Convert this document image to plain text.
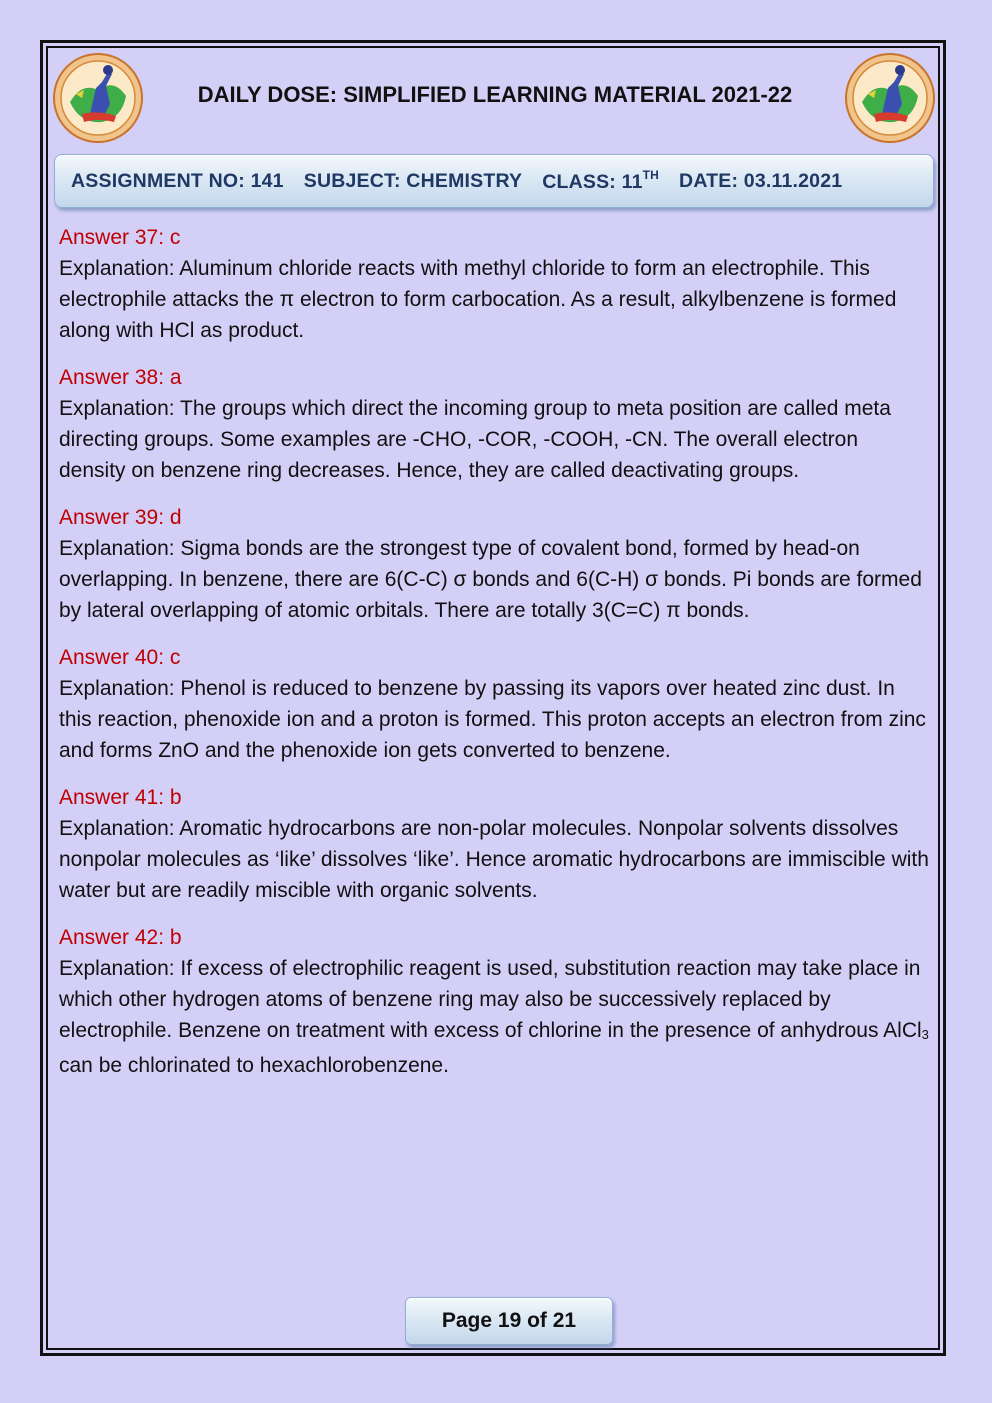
DAILY DOSE: SIMPLIFIED LEARNING MATERIAL 2021-22
ASSIGNMENT NO: 141 SUBJECT: CHEMISTRY CLASS: 11TH DATE: 03.11.2021
Answer 37: c

Explanation: Aluminum chloride reacts with methyl chloride to form an electrophile. This electrophile attacks the π electron to form carbocation. As a result, alkylbenzene is formed along with HCl as product.

Answer 38: a

Explanation: The groups which direct the incoming group to meta position are called meta directing groups. Some examples are -CHO, -COR, -COOH, -CN. The overall electron density on benzene ring decreases. Hence, they are called deactivating groups.

Answer 39: d

Explanation: Sigma bonds are the strongest type of covalent bond, formed by head-on overlapping. In benzene, there are 6(C-C) σ bonds and 6(C-H) σ bonds. Pi bonds are formed by lateral overlapping of atomic orbitals. There are totally 3(C=C) π bonds.

Answer 40: c

Explanation: Phenol is reduced to benzene by passing its vapors over heated zinc dust. In this reaction, phenoxide ion and a proton is formed. This proton accepts an electron from zinc and forms ZnO and the phenoxide ion gets converted to benzene.

Answer 41: b

Explanation: Aromatic hydrocarbons are non-polar molecules. Nonpolar solvents dissolves nonpolar molecules as ‘like’ dissolves ‘like’. Hence aromatic hydrocarbons are immiscible with water but are readily miscible with organic solvents.

Answer 42: b

Explanation: If excess of electrophilic reagent is used, substitution reaction may take place in which other hydrogen atoms of benzene ring may also be successively replaced by electrophile. Benzene on treatment with excess of chlorine in the presence of anhydrous AlCl$_3$ can be chlorinated to hexachlorobenzene.

Page 19 of 21
